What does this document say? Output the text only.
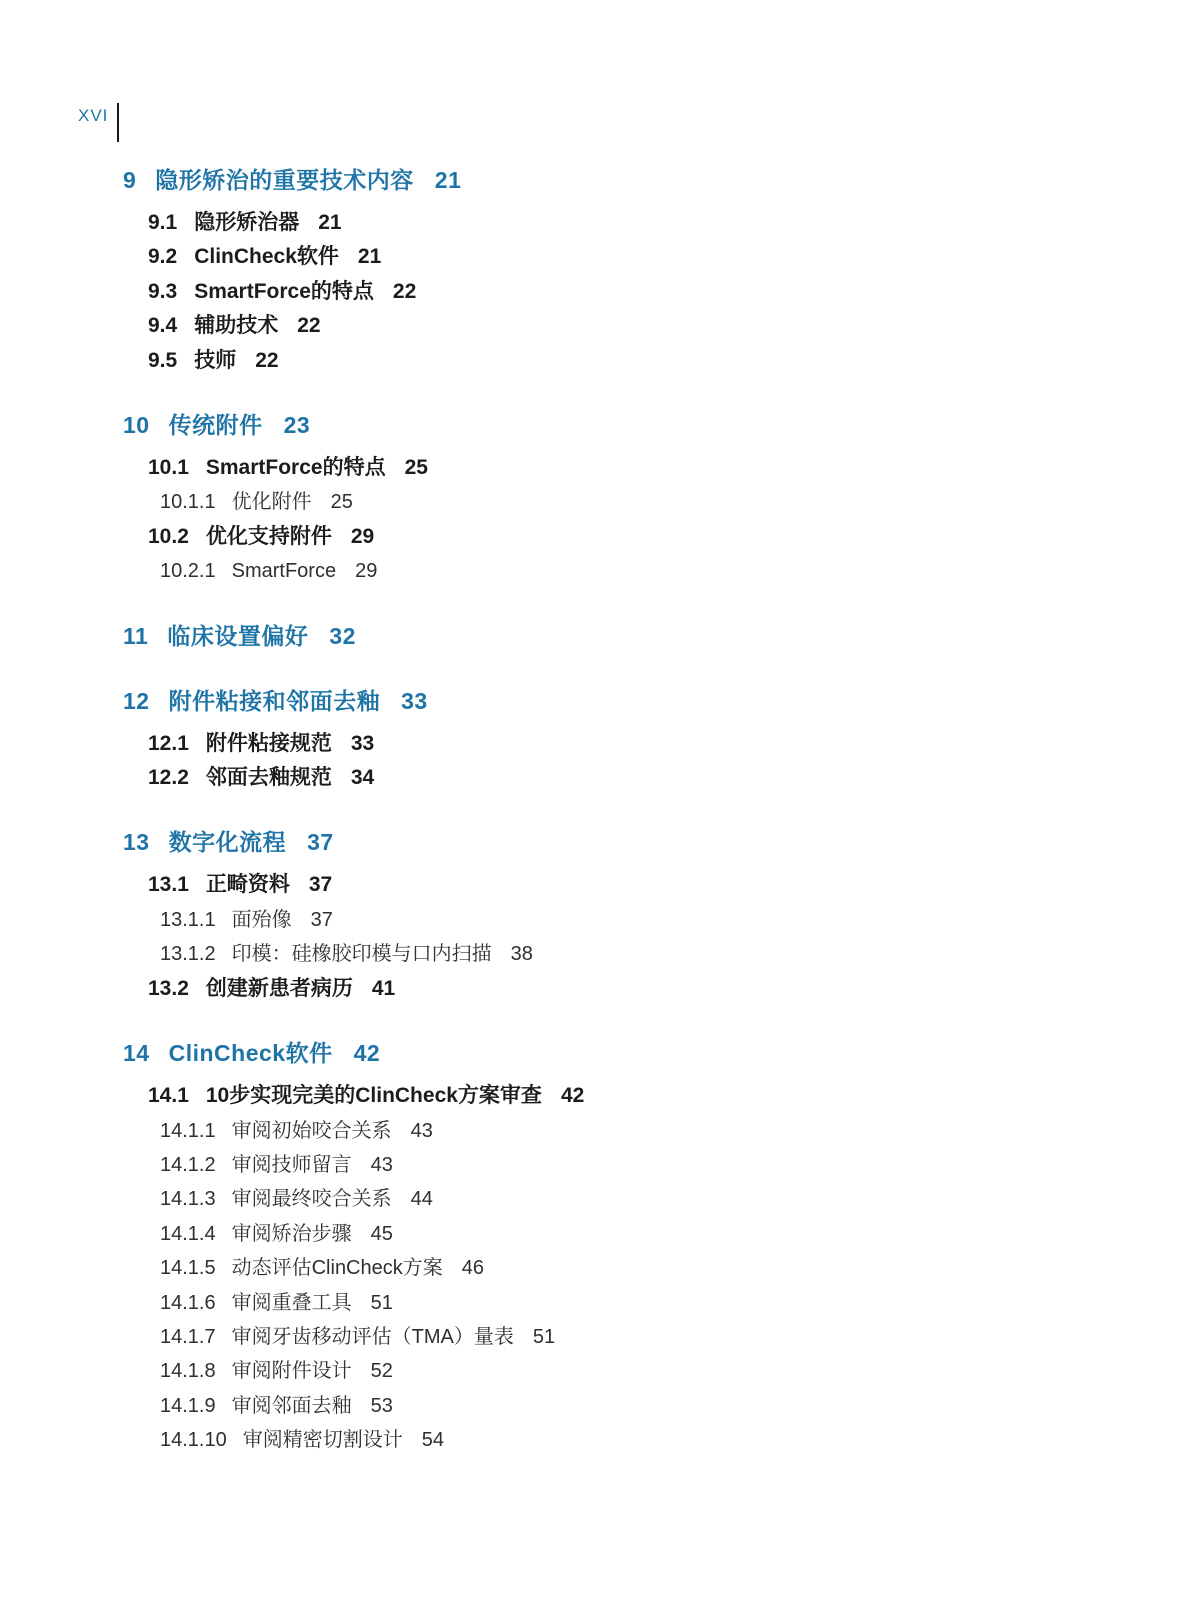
XVI
9 隐形矫治的重要技术内容 21
9.1 隐形矫治器 21
9.2 ClinCheck软件 21
9.3 SmartForce的特点 22
9.4 辅助技术 22
9.5 技师 22
10 传统附件 23
10.1 SmartForce的特点 25
10.1.1 优化附件 25
10.2 优化支持附件 29
10.2.1 SmartForce 29
11 临床设置偏好 32
12 附件粘接和邻面去釉 33
12.1 附件粘接规范 33
12.2 邻面去釉规范 34
13 数字化流程 37
13.1 正畸资料 37
13.1.1 面殆像 37
13.1.2 印模：硅橡胶印模与口内扫描 38
13.2 创建新患者病历 41
14 ClinCheck软件 42
14.1 10步实现完美的ClinCheck方案审查 42
14.1.1 审阅初始咬合关系 43
14.1.2 审阅技师留言 43
14.1.3 审阅最终咬合关系 44
14.1.4 审阅矫治步骤 45
14.1.5 动态评估ClinCheck方案 46
14.1.6 审阅重叠工具 51
14.1.7 审阅牙齿移动评估（TMA）量表 51
14.1.8 审阅附件设计 52
14.1.9 审阅邻面去釉 53
14.1.10 审阅精密切割设计 54
